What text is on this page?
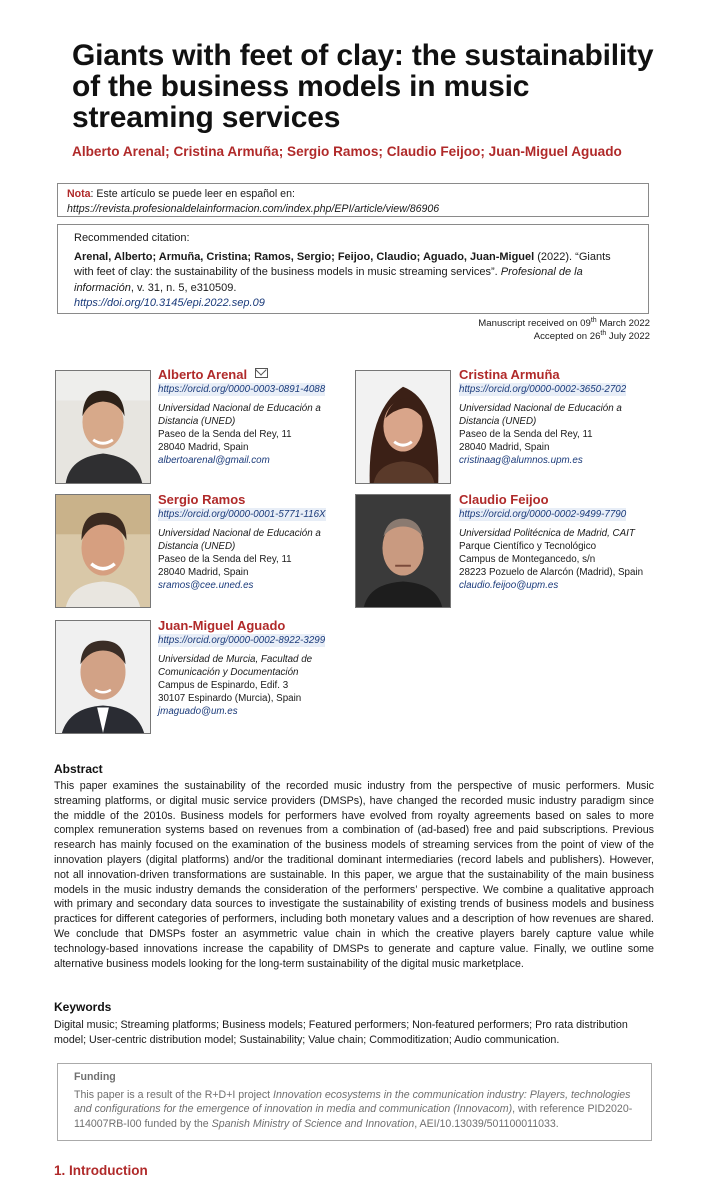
Giants with feet of clay: the sustainability of the business models in music streaming services
Alberto Arenal; Cristina Armuña; Sergio Ramos; Claudio Feijoo; Juan-Miguel Aguado
Nota: Este artículo se puede leer en español en:
https://revista.profesionaldelainformacion.com/index.php/EPI/article/view/86906
Recommended citation:
Arenal, Alberto; Armuña, Cristina; Ramos, Sergio; Feijoo, Claudio; Aguado, Juan-Miguel (2022). “Giants with feet of clay: the sustainability of the business models in music streaming services”. Profesional de la información, v. 31, n. 5, e310509.
https://doi.org/10.3145/epi.2022.sep.09
Manuscript received on 09th March 2022
Accepted on 26th July 2022
Alberto Arenal
https://orcid.org/0000-0003-0891-4088
Universidad Nacional de Educación a
Distancia (UNED)
Paseo de la Senda del Rey, 11
28040 Madrid, Spain
albertoarenal@gmail.com
Cristina Armuña
https://orcid.org/0000-0002-3650-2702
Universidad Nacional de Educación a
Distancia (UNED)
Paseo de la Senda del Rey, 11
28040 Madrid, Spain
cristinaag@alumnos.upm.es
Sergio Ramos
https://orcid.org/0000-0001-5771-116X
Universidad Nacional de Educación a
Distancia (UNED)
Paseo de la Senda del Rey, 11
28040 Madrid, Spain
sramos@cee.uned.es
Claudio Feijoo
https://orcid.org/0000-0002-9499-7790
Universidad Politécnica de Madrid, CAIT
Parque Científico y Tecnológico
Campus de Montegancedo, s/n
28223 Pozuelo de Alarcón (Madrid), Spain
claudio.feijoo@upm.es
Juan-Miguel Aguado
https://orcid.org/0000-0002-8922-3299
Universidad de Murcia, Facultad de
Comunicación y Documentación
Campus de Espinardo, Edif. 3
30107 Espinardo (Murcia), Spain
jmaguado@um.es
Abstract

This paper examines the sustainability of the recorded music industry from the perspective of music performers. Music streaming platforms, or digital music service providers (DMSPs), have changed the recorded music industry paradigm since the middle of the 2010s. Business models for performers have evolved from royalty agreements based on sales to more complex remuneration systems based on revenues from a combination of (ad-based) free and paid subscriptions. Previous research has mainly focused on the examination of the business models of streaming services from the point of view of the innovation players (digital platforms) and/or the traditional dominant intermediaries (record labels and publishers). However, not all innovation-driven transformations are sustainable. In this paper, we argue that the sustainability of the main business models in the music industry demands the consideration of the performers’ perspective. We combine a qualitative approach with primary and secondary data sources to investigate the sustainability of existing trends of business models and business practices for different categories of performers, including both monetary values and a description of how revenues are shared. We conclude that DMSPs foster an asymmetric value chain in which the creative players barely capture value while technology-based innovations increase the capability of DMSPs to generate and capture value. Finally, we outline some alternative business models looking for the long-term sustainability of the digital music marketplace.

Keywords

Digital music; Streaming platforms; Business models; Featured performers; Non-featured performers; Pro rata distribution model; User-centric distribution model; Sustainability; Value chain; Commoditization; Audio communication.

Funding
This paper is a result of the R+D+I project Innovation ecosystems in the communication industry: Players, technologies and configurations for the emergence of innovation in media and communication (Innovacom), with reference PID2020-114007RB-I00 funded by the Spanish Ministry of Science and Innovation, AEI/10.13039/501100011033.
1. Introduction
